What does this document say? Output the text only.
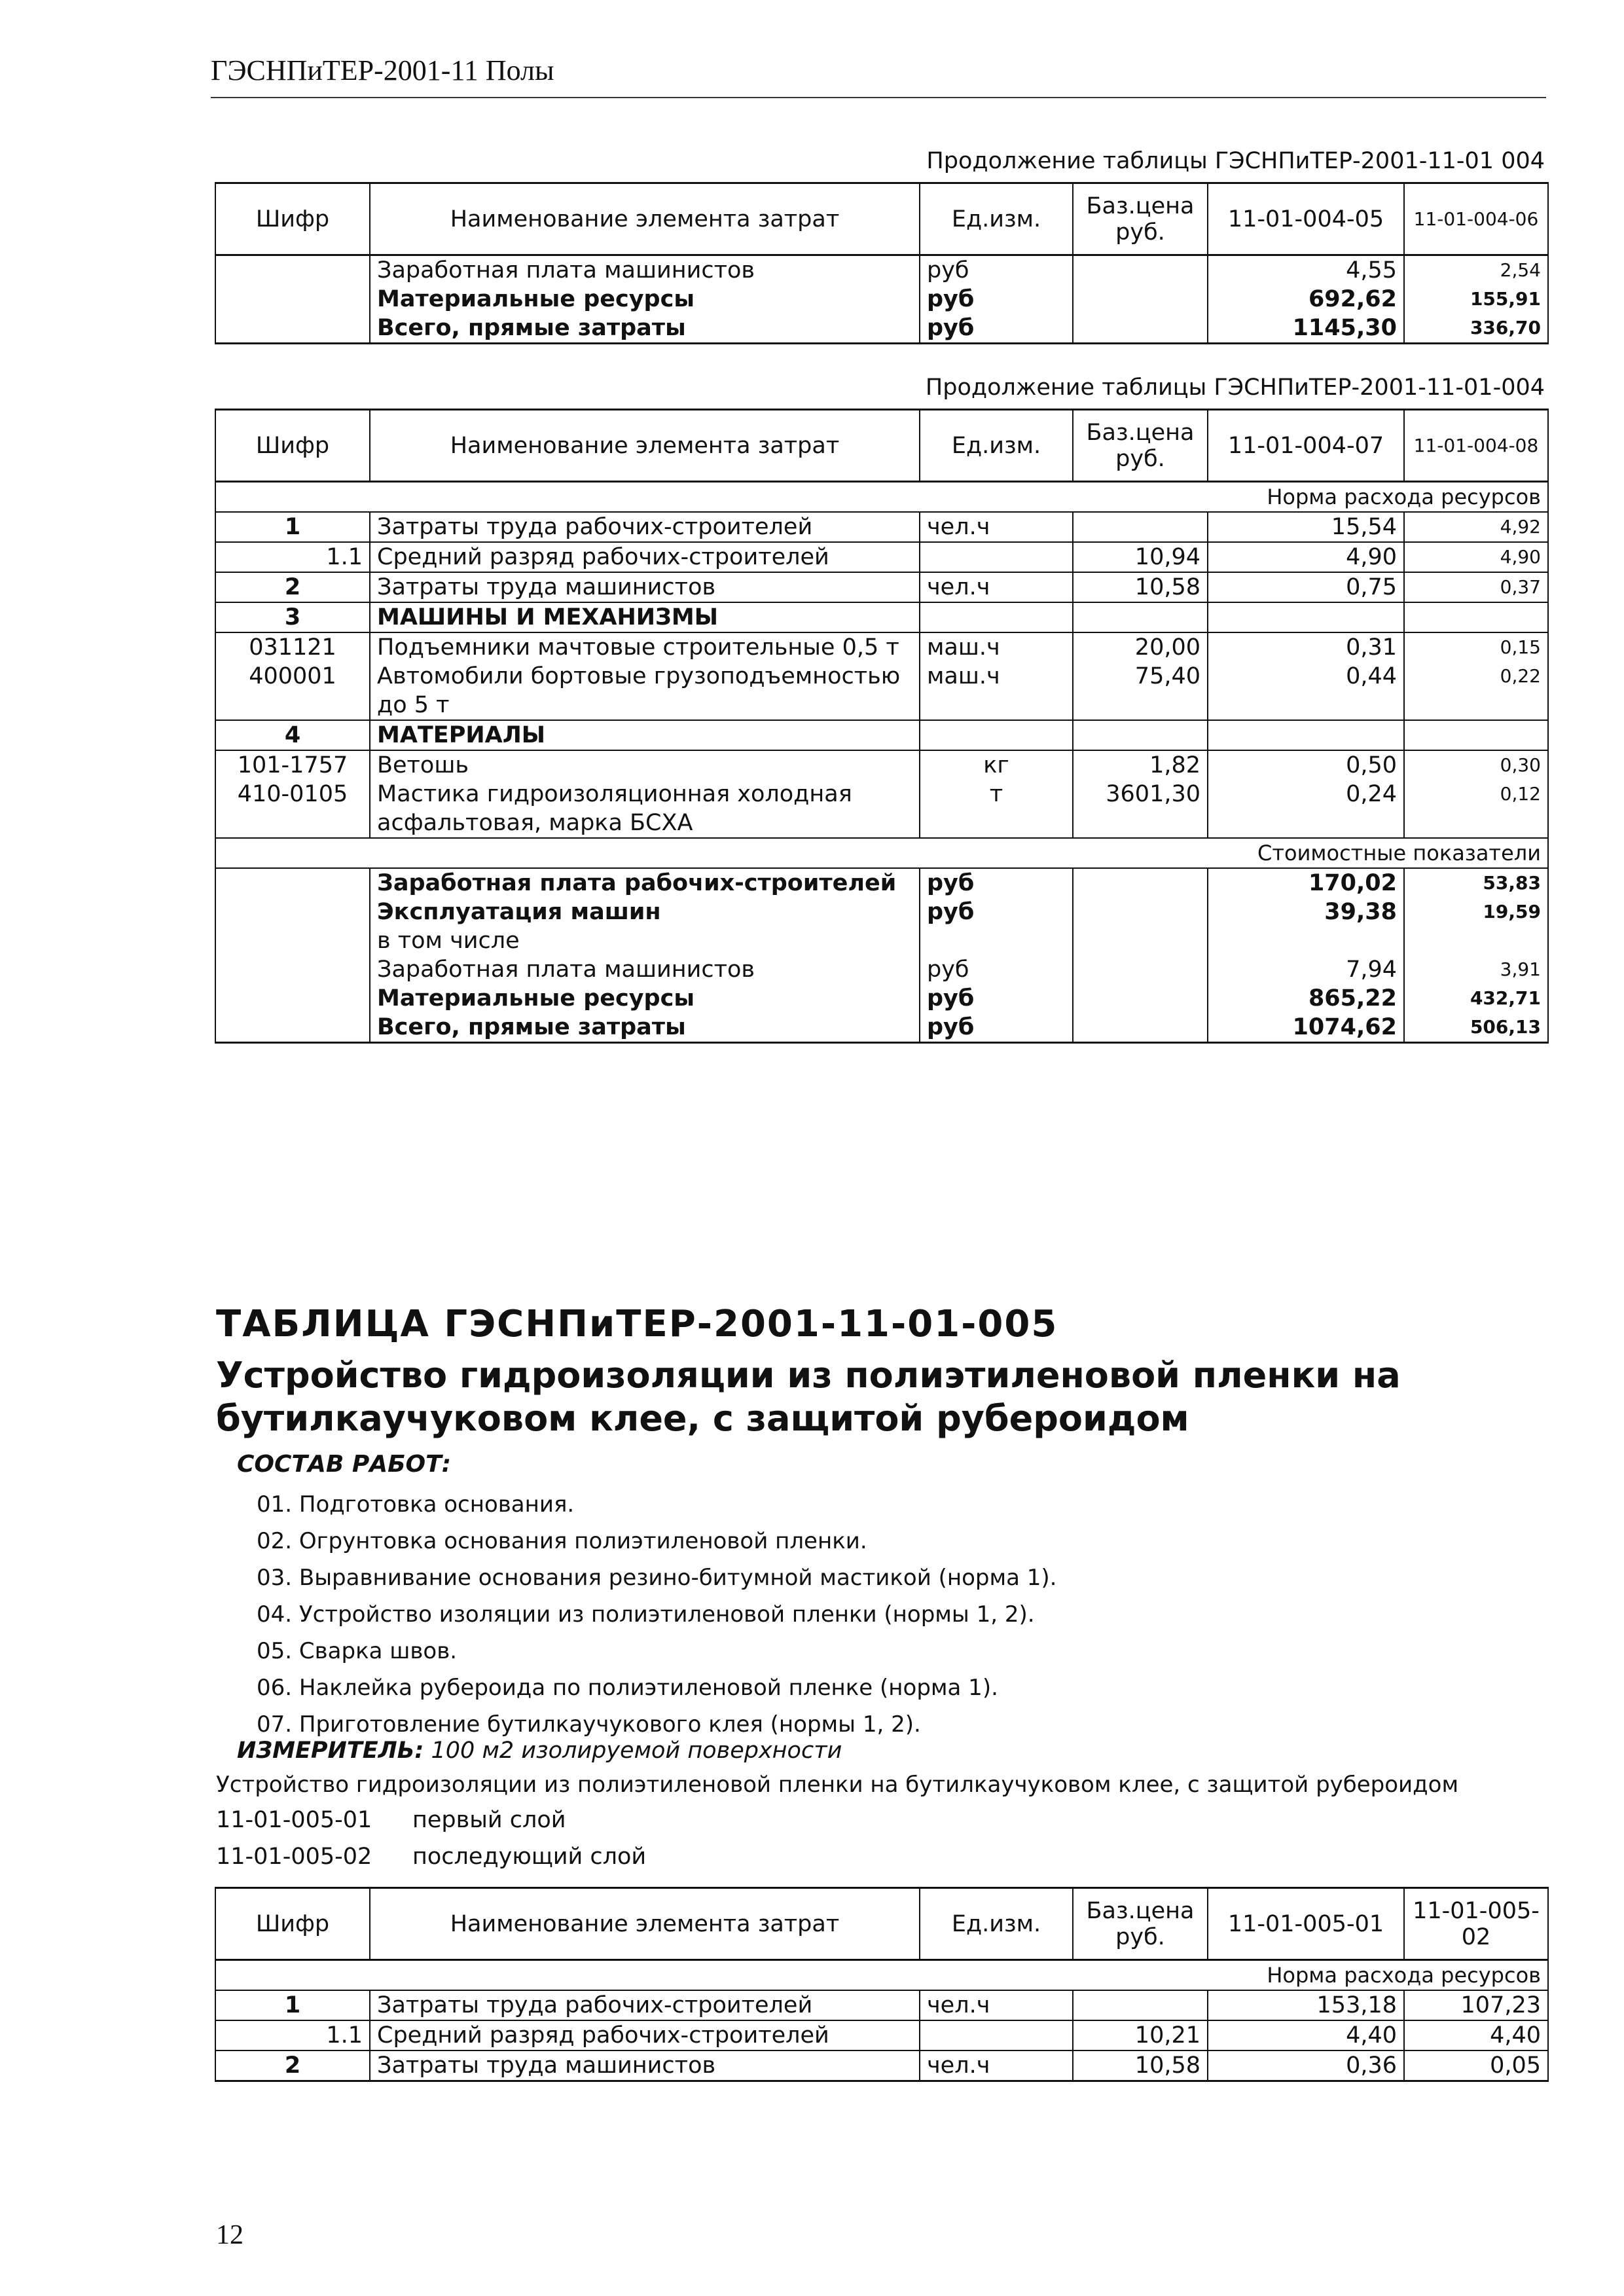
ГЭСНПиТЕР-2001-11 Полы
Продолжение таблицы ГЭСНПиТЕР-2001-11-01 004
Шифр	Наименование элемента затрат	Ед.изм.	Баз.цена руб.	11-01-004-05	11-01-004-06
	Заработная плата машинистов	руб		4,55	2,54
	Материальные ресурсы	руб		692,62	155,91
	Всего, прямые затраты	руб		1145,30	336,70
Продолжение таблицы ГЭСНПиТЕР-2001-11-01-004
Шифр	Наименование элемента затрат	Ед.изм.	Баз.цена руб.	11-01-004-07	11-01-004-08
Норма расхода ресурсов					
1	Затраты труда рабочих-строителей	чел.ч		15,54	4,92
1.1	Средний разряд рабочих-строителей		10,94	4,90	4,90
2	Затраты труда машинистов	чел.ч	10,58	0,75	0,37
3	МАШИНЫ И МЕХАНИЗМЫ				
031121	Подъемники мачтовые строительные 0,5 т	маш.ч	20,00	0,31	0,15
400001	Автомобили бортовые грузоподъемностью до 5 т	маш.ч	75,40	0,44	0,22
4	МАТЕРИАЛЫ				
101-1757	Ветошь	кг	1,82	0,50	0,30
410-0105	Мастика гидроизоляционная холодная асфальтовая, марка БСХА	т	3601,30	0,24	0,12
Стоимостные показатели					
	Заработная плата рабочих-строителей	руб		170,02	53,83
	Эксплуатация машин	руб		39,38	19,59
	в том числе				
	Заработная плата машинистов	руб		7,94	3,91
	Материальные ресурсы	руб		865,22	432,71
	Всего, прямые затраты	руб		1074,62	506,13
ТАБЛИЦА ГЭСНПиТЕР-2001-11-01-005
Устройство гидроизоляции из полиэтиленовой пленки на бутилкаучуковом клее, с защитой рубероидом
СОСТАВ РАБОТ:
01. Подготовка основания.
02. Огрунтовка основания полиэтиленовой пленки.
03. Выравнивание основания резино-битумной мастикой (норма 1).
04. Устройство изоляции из полиэтиленовой пленки (нормы 1, 2).
05. Сварка швов.
06. Наклейка рубероида по полиэтиленовой пленке (норма 1).
07. Приготовление бутилкаучукового клея (нормы 1, 2).
ИЗМЕРИТЕЛЬ: 100 м2 изолируемой поверхности
Устройство гидроизоляции из полиэтиленовой пленки на бутилкаучуковом клее, с защитой рубероидом
11-01-005-01 первый слой
11-01-005-02 последующий слой
Шифр	Наименование элемента затрат	Ед.изм.	Баз.цена руб.	11-01-005-01	11-01-005-02
Норма расхода ресурсов					
1	Затраты труда рабочих-строителей	чел.ч		153,18	107,23
1.1	Средний разряд рабочих-строителей		10,21	4,40	4,40
2	Затраты труда машинистов	чел.ч	10,58	0,36	0,05
12
